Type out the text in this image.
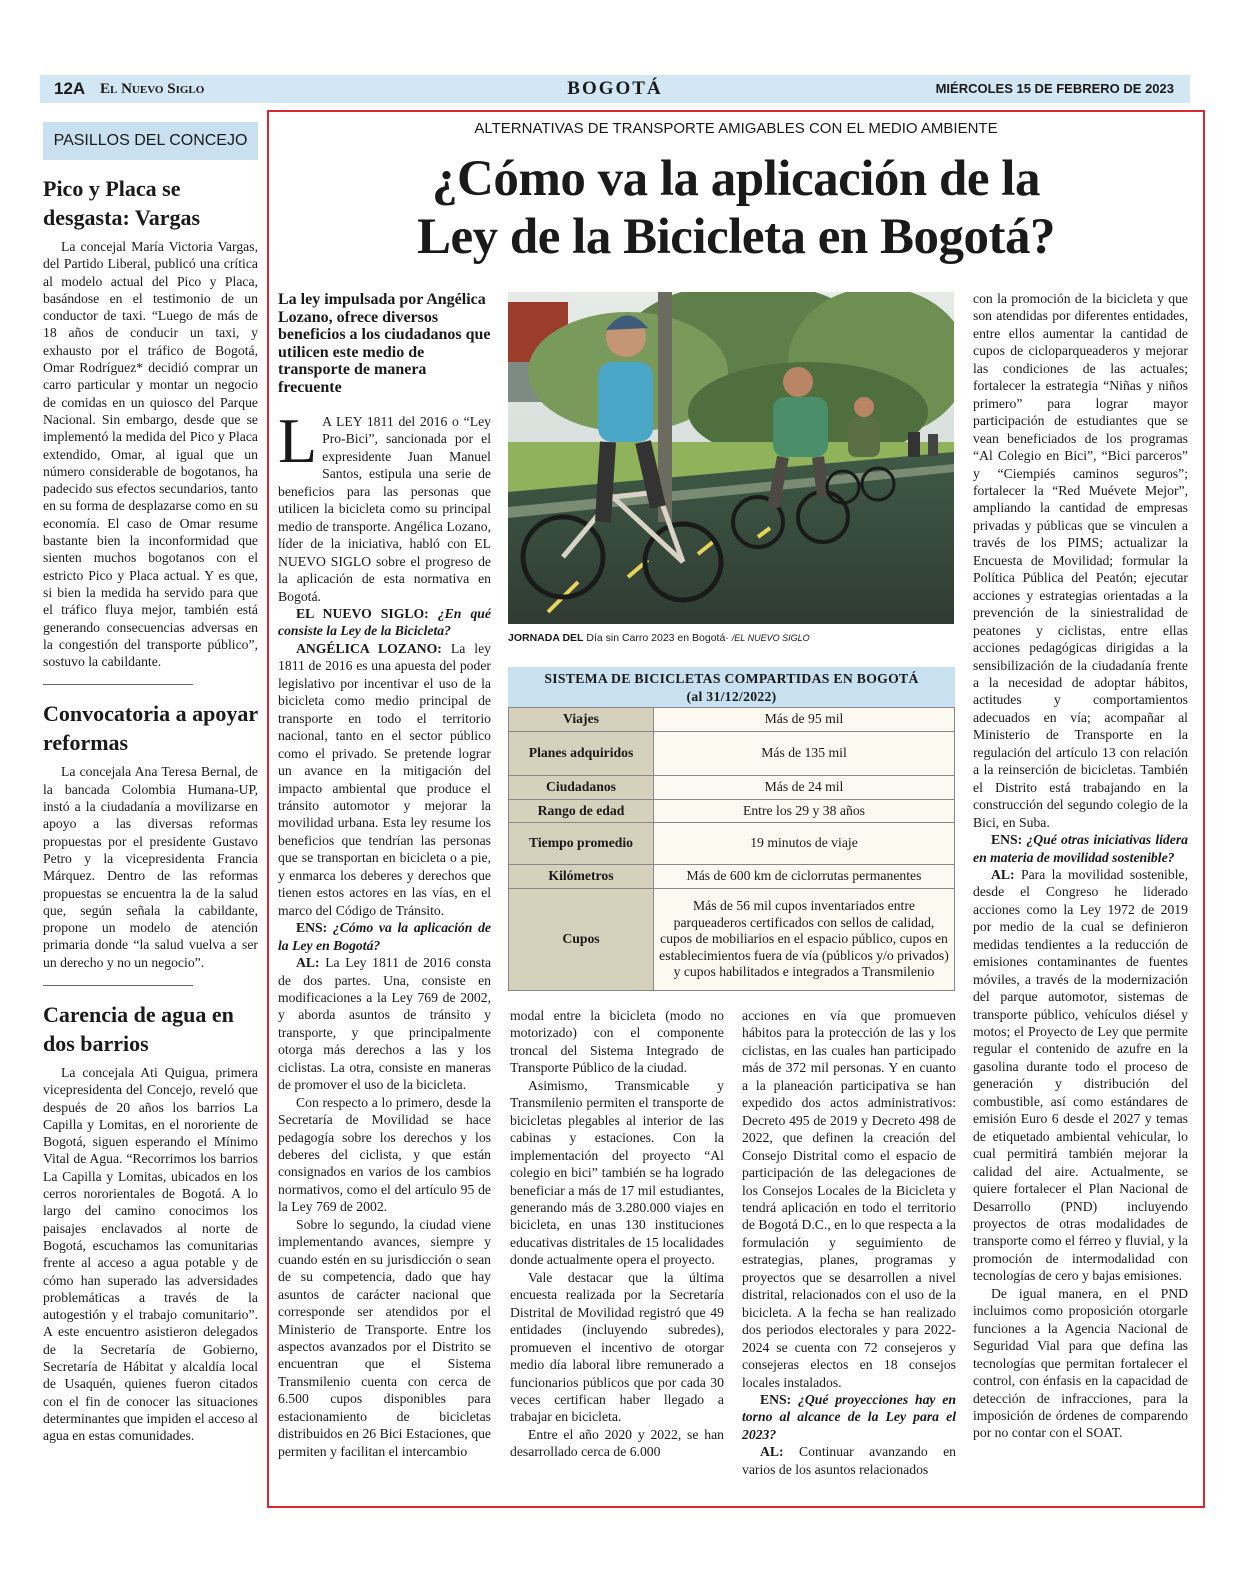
12A El Nuevo Siglo	BOGOTÁ	MIÉRCOLES 15 DE FEBRERO DE 2023
PASILLOS DEL CONCEJO
Pico y Placa se desgasta: Vargas

La concejal María Victoria Vargas, del Partido Liberal, publicó una crítica al modelo actual del Pico y Placa, basándose en el testimonio de un conductor de taxi. “Luego de más de 18 años de conducir un taxi, y exhausto por el tráfico de Bogotá, Omar Rodríguez* decidió comprar un carro particular y montar un negocio de comidas en un quiosco del Parque Nacional. Sin embargo, desde que se implementó la medida del Pico y Placa extendido, Omar, al igual que un número considerable de bogotanos, ha padecido sus efectos secundarios, tanto en su forma de desplazarse como en su economía. El caso de Omar resume bastante bien la inconformidad que sienten muchos bogotanos con el estricto Pico y Placa actual. Y es que, si bien la medida ha servido para que el tráfico fluya mejor, también está generando consecuencias adversas en la congestión del transporte público”, sostuvo la cabildante.

Convocatoria a apoyar reformas

La concejala Ana Teresa Bernal, de la bancada Colombia Humana-UP, instó a la ciudadanía a movilizarse en apoyo a las diversas reformas propuestas por el presidente Gustavo Petro y la vicepresidenta Francia Márquez. Dentro de las reformas propuestas se encuentra la de la salud que, según señala la cabildante, propone un modelo de atención primaria donde “la salud vuelva a ser un derecho y no un negocio”.

Carencia de agua en dos barrios

La concejala Ati Quigua, primera vicepresidenta del Concejo, reveló que después de 20 años los barrios La Capilla y Lomitas, en el nororiente de Bogotá, siguen esperando el Mínimo Vital de Agua. “Recorrimos los barrios La Capilla y Lomitas, ubicados en los cerros nororientales de Bogotá. A lo largo del camino conocimos los paisajes enclavados al norte de Bogotá, escuchamos las comunitarias frente al acceso a agua potable y de cómo han superado las adversidades problemáticas a través de la autogestión y el trabajo comunitario”. A este encuentro asistieron delegados de la Secretaría de Gobierno, Secretaría de Hábitat y alcaldía local de Usaquén, quienes fueron citados con el fin de conocer las situaciones determinantes que impiden el acceso al agua en estas comunidades.

ALTERNATIVAS DE TRANSPORTE AMIGABLES CON EL MEDIO AMBIENTE
¿Cómo va la aplicación de la
Ley de la Bicicleta en Bogotá?
La ley impulsada por Angélica Lozano, ofrece diversos beneficios a los ciudadanos que utilicen este medio de transporte de manera frecuente

L A LEY 1811 del 2016 o “Ley Pro-Bici”, sancionada por el expresidente Juan Manuel Santos, estipula una serie de beneficios para las personas que utilicen la bicicleta como su principal medio de transporte. Angélica Lozano, líder de la iniciativa, habló con EL NUEVO SIGLO sobre el progreso de la aplicación de esta normativa en Bogotá.

EL NUEVO SIGLO: ¿En qué consiste la Ley de la Bicicleta?

ANGÉLICA LOZANO: La ley 1811 de 2016 es una apuesta del poder legislativo por incentivar el uso de la bicicleta como medio principal de transporte en todo el territorio nacional, tanto en el sector público como el privado. Se pretende lograr un avance en la mitigación del impacto ambiental que produce el tránsito automotor y mejorar la movilidad urbana. Esta ley resume los beneficios que tendrían las personas que se transportan en bicicleta o a pie, y enmarca los deberes y derechos que tienen estos actores en las vías, en el marco del Código de Tránsito.

ENS: ¿Cómo va la aplicación de la Ley en Bogotá?

AL: La Ley 1811 de 2016 consta de dos partes. Una, consiste en modificaciones a la Ley 769 de 2002, y aborda asuntos de tránsito y transporte, y que principalmente otorga más derechos a las y los ciclistas. La otra, consiste en maneras de promover el uso de la bicicleta.

Con respecto a lo primero, desde la Secretaría de Movilidad se hace pedagogía sobre los derechos y los deberes del ciclista, y que están consignados en varios de los cambios normativos, como el del artículo 95 de la Ley 769 de 2002.

Sobre lo segundo, la ciudad viene implementando avances, siempre y cuando estén en su jurisdicción o sean de su competencia, dado que hay asuntos de carácter nacional que corresponde ser atendidos por el Ministerio de Transporte. Entre los aspectos avanzados por el Distrito se encuentran que el Sistema Transmilenio cuenta con cerca de 6.500 cupos disponibles para estacionamiento de bicicletas distribuidos en 26 Bici Estaciones, que permiten y facilitan el intercambio

modal entre la bicicleta (modo no motorizado) con el componente troncal del Sistema Integrado de Transporte Público de la ciudad.

Asimismo, Transmicable y Transmilenio permiten el transporte de bicicletas plegables al interior de las cabinas y estaciones. Con la implementación del proyecto “Al colegio en bici” también se ha logrado beneficiar a más de 17 mil estudiantes, generando más de 3.280.000 viajes en bicicleta, en unas 130 instituciones educativas distritales de 15 localidades donde actualmente opera el proyecto.

Vale destacar que la última encuesta realizada por la Secretaría Distrital de Movilidad registró que 49 entidades (incluyendo subredes), promueven el incentivo de otorgar medio día laboral libre remunerado a funcionarios públicos que por cada 30 veces certifican haber llegado a trabajar en bicicleta.

Entre el año 2020 y 2022, se han desarrollado cerca de 6.000

acciones en vía que promueven hábitos para la protección de las y los ciclistas, en las cuales han participado más de 372 mil personas. Y en cuanto a la planeación participativa se han expedido dos actos administrativos: Decreto 495 de 2019 y Decreto 498 de 2022, que definen la creación del Consejo Distrital como el espacio de participación de las delegaciones de los Consejos Locales de la Bicicleta y tendrá aplicación en todo el territorio de Bogotá D.C., en lo que respecta a la formulación y seguimiento de estrategias, planes, programas y proyectos que se desarrollen a nivel distrital, relacionados con el uso de la bicicleta. A la fecha se han realizado dos periodos electorales y para 2022-2024 se cuenta con 72 consejeros y consejeras electos en 18 consejos locales instalados.

ENS: ¿Qué proyecciones hay en torno al alcance de la Ley para el 2023?

AL: Continuar avanzando en varios de los asuntos relacionados

con la promoción de la bicicleta y que son atendidas por diferentes entidades, entre ellos aumentar la cantidad de cupos de cicloparqueaderos y mejorar las condiciones de las actuales; fortalecer la estrategia “Niñas y niños primero” para lograr mayor participación de estudiantes que se vean beneficiados de los programas “Al Colegio en Bici”, “Bici parceros” y “Ciempiés caminos seguros”; fortalecer la “Red Muévete Mejor”, ampliando la cantidad de empresas privadas y públicas que se vinculen a través de los PIMS; actualizar la Encuesta de Movilidad; formular la Política Pública del Peatón; ejecutar acciones y estrategias orientadas a la prevención de la siniestralidad de peatones y ciclistas, entre ellas acciones pedagógicas dirigidas a la sensibilización de la ciudadanía frente a la necesidad de adoptar hábitos, actitudes y comportamientos adecuados en vía; acompañar al Ministerio de Transporte en la regulación del artículo 13 con relación a la reinserción de bicicletas. También el Distrito está trabajando en la construcción del segundo colegio de la Bici, en Suba.

ENS: ¿Qué otras iniciativas lidera en materia de movilidad sostenible?

AL: Para la movilidad sostenible, desde el Congreso he liderado acciones como la Ley 1972 de 2019 por medio de la cual se definieron medidas tendientes a la reducción de emisiones contaminantes de fuentes móviles, a través de la modernización del parque automotor, sistemas de transporte público, vehículos diésel y motos; el Proyecto de Ley que permite regular el contenido de azufre en la gasolina durante todo el proceso de generación y distribución del combustible, así como estándares de emisión Euro 6 desde el 2027 y temas de etiquetado ambiental vehicular, lo cual permitirá también mejorar la calidad del aire. Actualmente, se quiere fortalecer el Plan Nacional de Desarrollo (PND) incluyendo proyectos de otras modalidades de transporte como el férreo y fluvial, y la promoción de intermodalidad con tecnologías de cero y bajas emisiones.

De igual manera, en el PND incluimos como proposición otorgarle funciones a la Agencia Nacional de Seguridad Vial para que defina las tecnologías que permitan fortalecer el control, con énfasis en la capacidad de detección de infracciones, para la imposición de órdenes de comparendo por no contar con el SOAT.

JORNADA DEL Día sin Carro 2023 en Bogotá· /EL NUEVO SIGLO
SISTEMA DE BICICLETAS COMPARTIDAS EN BOGOTÁ
(al 31/12/2022)
Viajes	Más de 95 mil
Planes adquiridos	Más de 135 mil
Ciudadanos	Más de 24 mil
Rango de edad	Entre los 29 y 38 años
Tiempo promedio	19 minutos de viaje
Kilómetros	Más de 600 km de ciclorrutas permanentes
Cupos	Más de 56 mil cupos inventariados entre parqueaderos certificados con sellos de calidad, cupos de mobiliarios en el espacio público, cupos en establecimientos fuera de vía (públicos y/o privados) y cupos habilitados e integrados a Transmilenio
